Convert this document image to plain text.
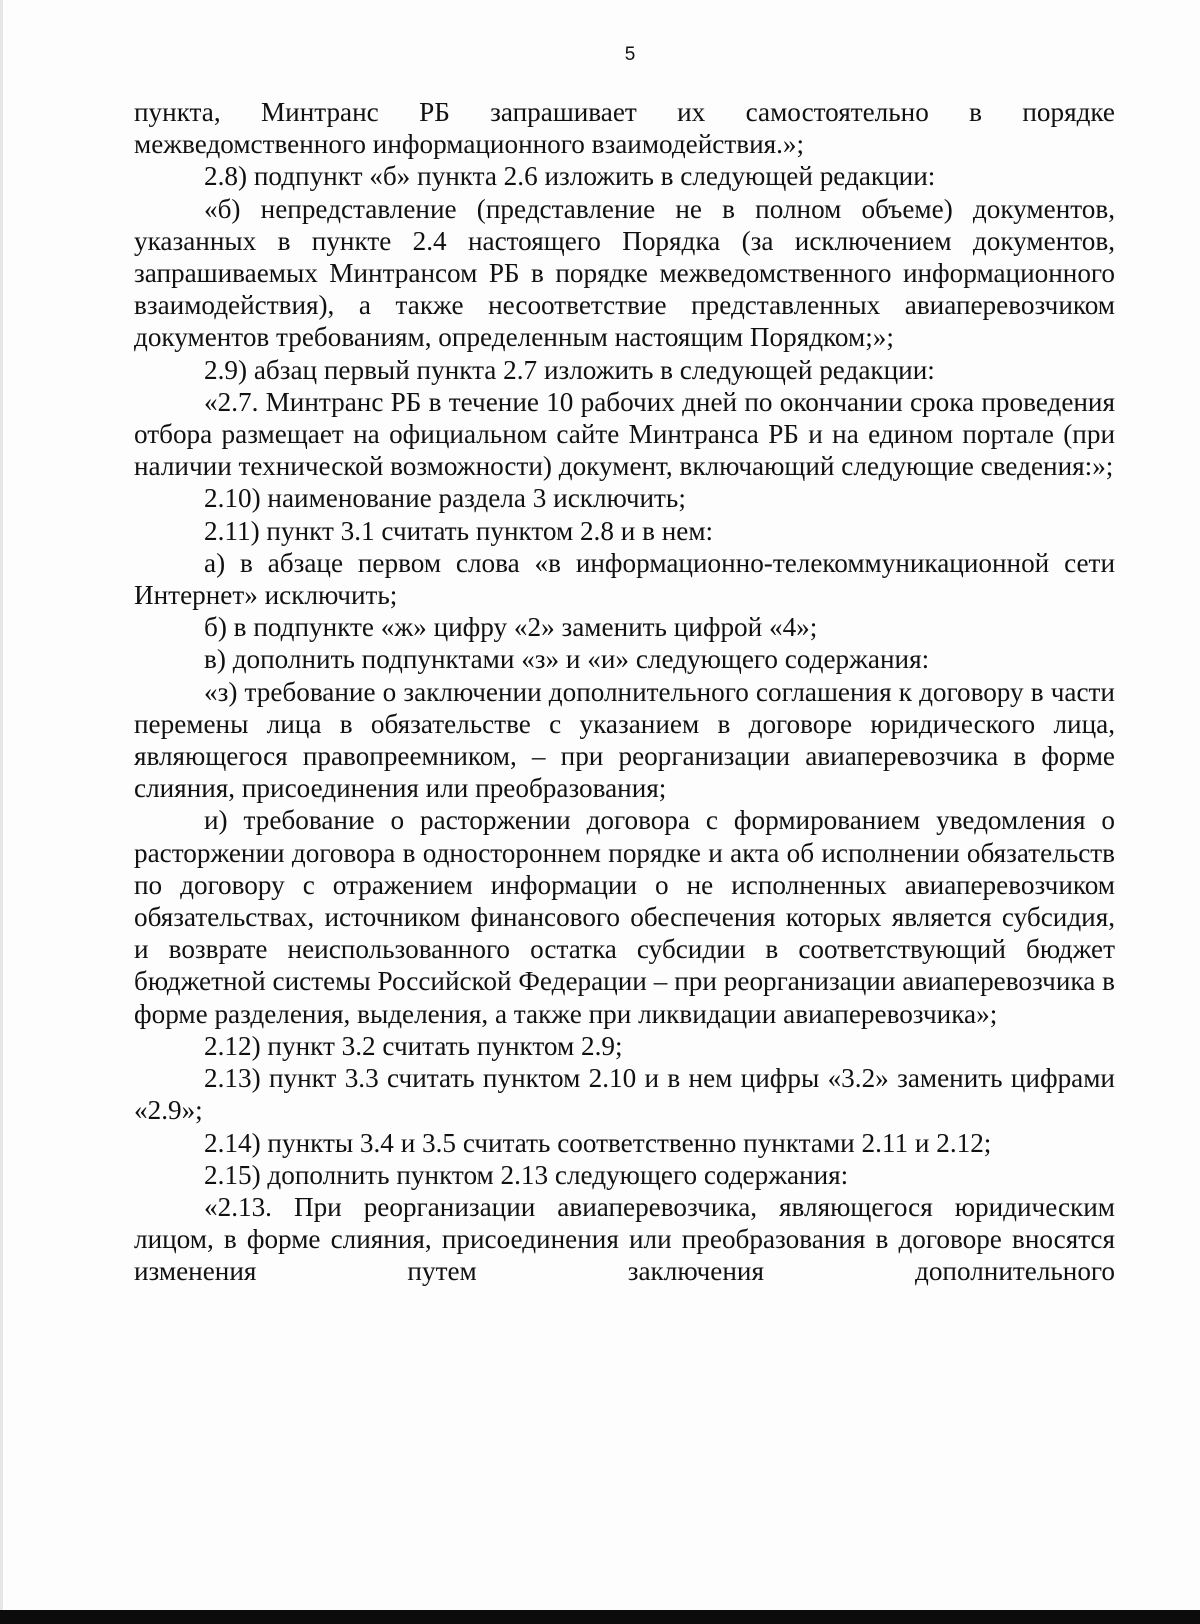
5

пункта, Минтранс РБ запрашивает их самостоятельно в порядке межведомственного информационного взаимодействия.»;

2.8) подпункт «б» пункта 2.6 изложить в следующей редакции:

«б) непредставление (представление не в полном объеме) документов, указанных в пункте 2.4 настоящего Порядка (за исключением документов, запрашиваемых Минтрансом РБ в порядке межведомственного информационного взаимодействия), а также несоответствие представленных авиаперевозчиком документов требованиям, определенным настоящим Порядком;»;

2.9) абзац первый пункта 2.7 изложить в следующей редакции:

«2.7. Минтранс РБ в течение 10 рабочих дней по окончании срока проведения отбора размещает на официальном сайте Минтранса РБ и на едином портале (при наличии технической возможности) документ, включающий следующие сведения:»;

2.10) наименование раздела 3 исключить;

2.11) пункт 3.1 считать пунктом 2.8 и в нем:

а) в абзаце первом слова «в информационно-телекоммуникационной сети Интернет» исключить;

б) в подпункте «ж» цифру «2» заменить цифрой «4»;

в) дополнить подпунктами «з» и «и» следующего содержания:

«з) требование о заключении дополнительного соглашения к договору в части перемены лица в обязательстве с указанием в договоре юридического лица, являющегося правопреемником, – при реорганизации авиаперевозчика в форме слияния, присоединения или преобразования;

и) требование о расторжении договора с формированием уведомления о расторжении договора в одностороннем порядке и акта об исполнении обязательств по договору с отражением информации о не исполненных авиаперевозчиком обязательствах, источником финансового обеспечения которых является субсидия, и возврате неиспользованного остатка субсидии в соответствующий бюджет бюджетной системы Российской Федерации – при реорганизации авиаперевозчика в форме разделения, выделения, а также при ликвидации авиаперевозчика»;

2.12) пункт 3.2 считать пунктом 2.9;

2.13) пункт 3.3 считать пунктом 2.10 и в нем цифры «3.2» заменить цифрами «2.9»;

2.14) пункты 3.4 и 3.5 считать соответственно пунктами 2.11 и 2.12;

2.15) дополнить пунктом 2.13 следующего содержания:

«2.13. При реорганизации авиаперевозчика, являющегося юридическим лицом, в форме слияния, присоединения или преобразования в договоре вносятся изменения путем заключения дополнительного
